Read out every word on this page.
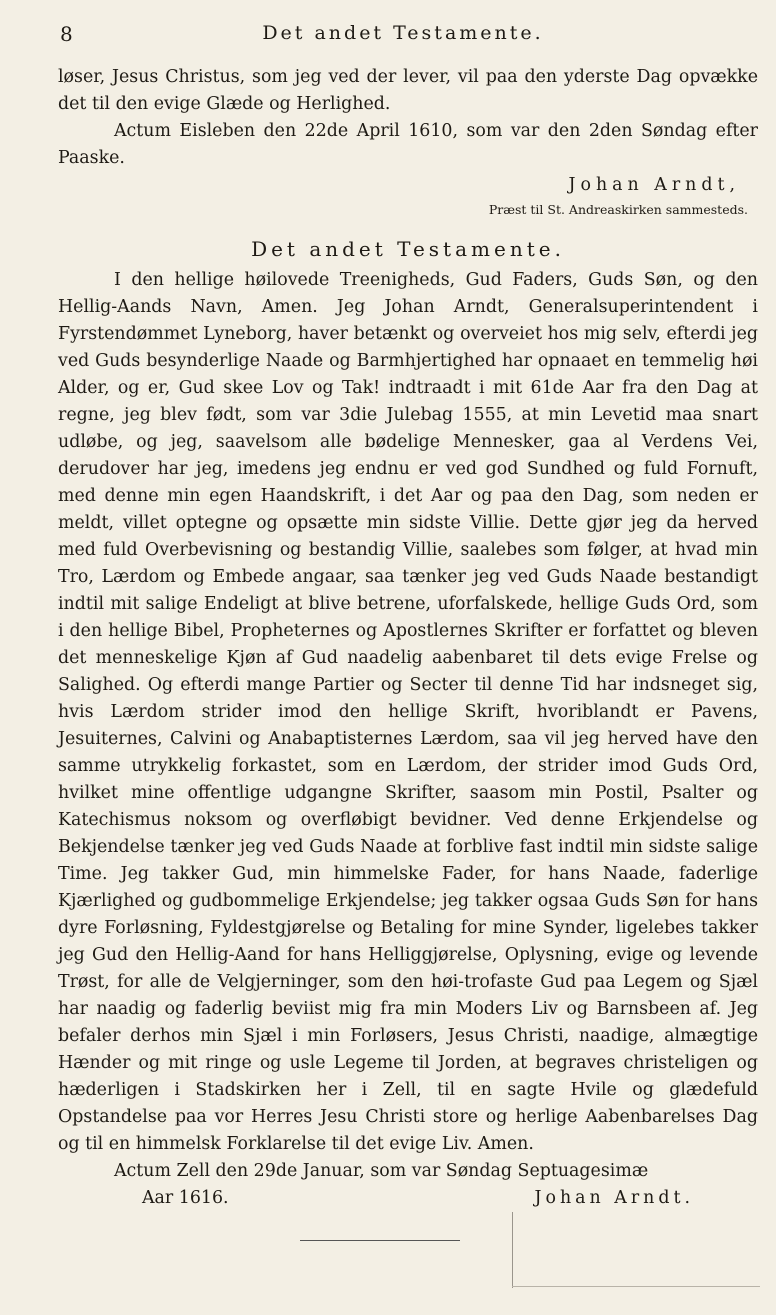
8	Det andet Testamente.

løser, Jesus Christus, som jeg ved der lever, vil paa den yderste Dag opvække det til den evige Glæde og Herlighed.

Actum Eisleben den 22de April 1610, som var den 2den Søndag efter Paaske.

Johan Arndt,
Præst til St. Andreaskirken sammesteds.
Det andet Testamente.

I den hellige høilovede Treenigheds, Gud Faders, Guds Søn, og den Hellig-Aands Navn, Amen. Jeg Johan Arndt, Generalsuperintendent i Fyrstendømmet Lyneborg, haver betænkt og overveiet hos mig selv, efterdi jeg ved Guds besynderlige Naade og Barmhjertighed har opnaaet en temmelig høi Alder, og er, Gud skee Lov og Tak! indtraadt i mit 61de Aar fra den Dag at regne, jeg blev født, som var 3die Julebag 1555, at min Levetid maa snart udløbe, og jeg, saavelsom alle bødelige Mennesker, gaa al Verdens Vei, derudover har jeg, imedens jeg endnu er ved god Sundhed og fuld Fornuft, med denne min egen Haandskrift, i det Aar og paa den Dag, som neden er meldt, villet optegne og opsætte min sidste Villie. Dette gjør jeg da herved med fuld Overbevisning og bestandig Villie, saalebes som følger, at hvad min Tro, Lærdom og Embede angaar, saa tænker jeg ved Guds Naade bestandigt indtil mit salige Endeligt at blive betrene, uforfalskede, hellige Guds Ord, som i den hellige Bibel, Propheternes og Apostlernes Skrifter er forfattet og bleven det menneskelige Kjøn af Gud naadelig aabenbaret til dets evige Frelse og Salighed. Og efterdi mange Partier og Secter til denne Tid har indsneget sig, hvis Lærdom strider imod den hellige Skrift, hvoriblandt er Pavens, Jesuiternes, Calvini og Anabaptisternes Lærdom, saa vil jeg herved have den samme utrykkelig forkastet, som en Lærdom, der strider imod Guds Ord, hvilket mine offentlige udgangne Skrifter, saasom min Postil, Psalter og Katechismus noksom og overfløbigt bevidner. Ved denne Erkjendelse og Bekjendelse tænker jeg ved Guds Naade at forblive fast indtil min sidste salige Time. Jeg takker Gud, min himmelske Fader, for hans Naade, faderlige Kjærlighed og gudbommelige Erkjendelse; jeg takker ogsaa Guds Søn for hans dyre Forløsning, Fyldestgjørelse og Betaling for mine Synder, ligelebes takker jeg Gud den Hellig-Aand for hans Helliggjørelse, Oplysning, evige og levende Trøst, for alle de Velgjerninger, som den høi-trofaste Gud paa Legem og Sjæl har naadig og faderlig beviist mig fra min Moders Liv og Barnsbeen af. Jeg befaler derhos min Sjæl i min Forløsers, Jesus Christi, naadige, almægtige Hænder og mit ringe og usle Legeme til Jorden, at begraves christeligen og hæderligen i Stadskirken her i Zell, til en sagte Hvile og glædefuld Opstandelse paa vor Herres Jesu Christi store og herlige Aabenbarelses Dag og til en himmelsk Forklarelse til det evige Liv. Amen.

Actum Zell den 29de Januar, som var Søndag Septuagesimæ
Aar 1616.	Johan Arndt.
